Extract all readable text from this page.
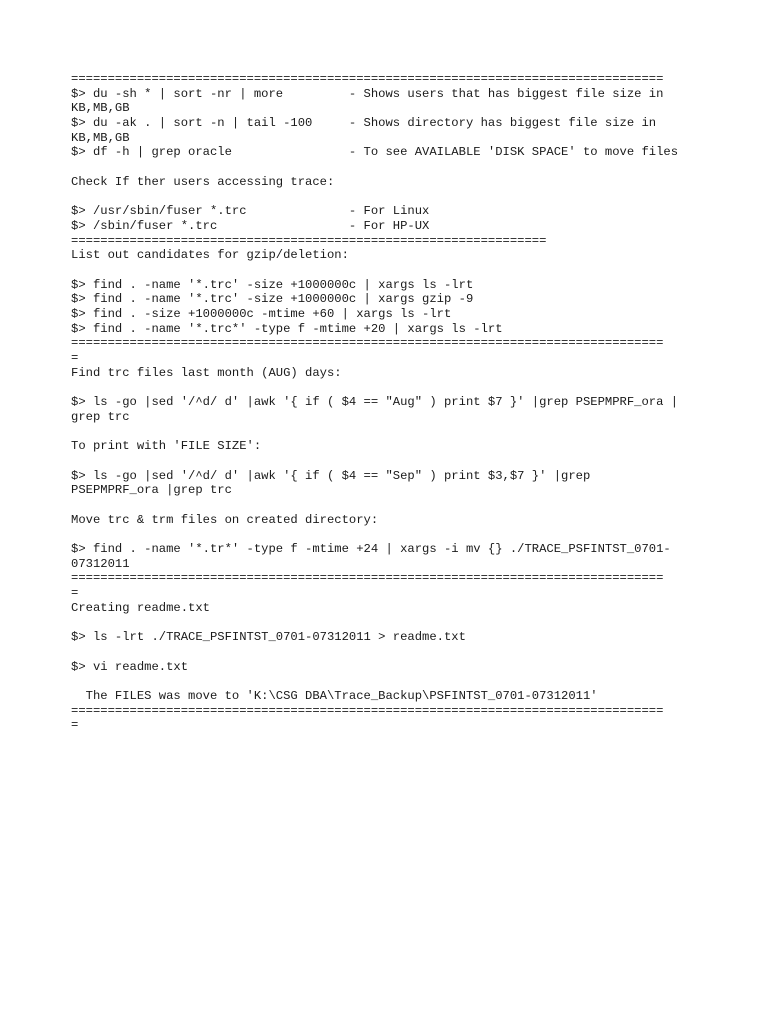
=================================================================================
$> du -sh * | sort -nr | more         - Shows users that has biggest file size in
KB,MB,GB
$> du -ak . | sort -n | tail -100     - Shows directory has biggest file size in
KB,MB,GB
$> df -h | grep oracle                - To see AVAILABLE 'DISK SPACE' to move files
Check If ther users accessing trace:
$> /usr/sbin/fuser *.trc              - For Linux
$> /sbin/fuser *.trc                  - For HP-UX
=================================================================
List out candidates for gzip/deletion:
$> find . -name '*.trc' -size +1000000c | xargs ls -lrt
$> find . -name '*.trc' -size +1000000c | xargs gzip -9
$> find . -size +1000000c -mtime +60 | xargs ls -lrt
$> find . -name '*.trc*' -type f -mtime +20 | xargs ls -lrt
=================================================================================
=
Find trc files last month (AUG) days:
$> ls -go |sed '/^d/ d' |awk '{ if ( $4 == "Aug" ) print $7 }' |grep PSEPMPRF_ora |
grep trc
To print with 'FILE SIZE':
$> ls -go |sed '/^d/ d' |awk '{ if ( $4 == "Sep" ) print $3,$7 }' |grep
PSEPMPRF_ora |grep trc
Move trc & trm files on created directory:
$> find . -name '*.tr*' -type f -mtime +24 | xargs -i mv {} ./TRACE_PSFINTST_0701-
07312011
=================================================================================
=
Creating readme.txt
$> ls -lrt ./TRACE_PSFINTST_0701-07312011 > readme.txt
$> vi readme.txt
The FILES was move to 'K:\CSG DBA\Trace_Backup\PSFINTST_0701-07312011'
=================================================================================
=
